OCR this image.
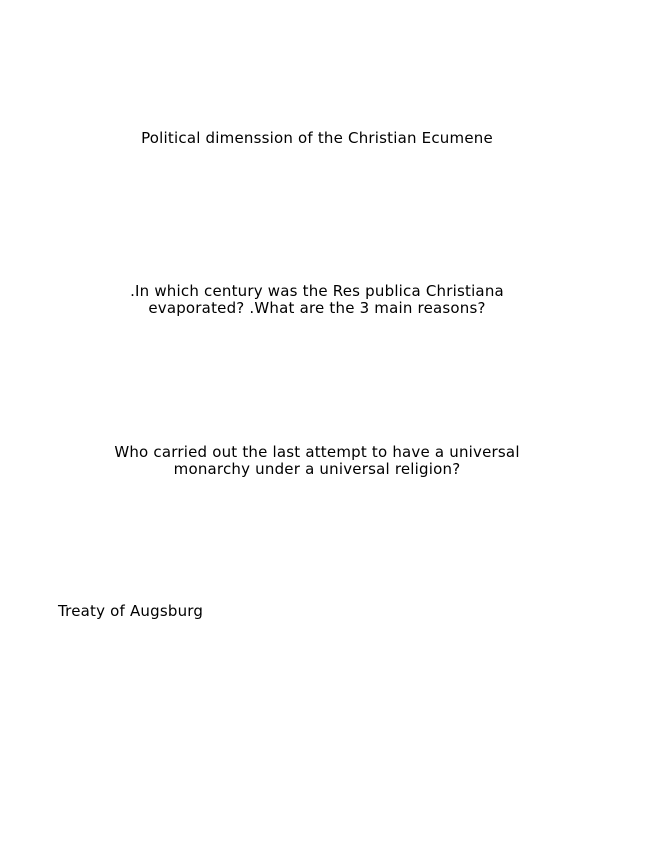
Political dimenssion of the Christian Ecumene
.In which century was the Res publica Christiana
evaporated? .What are the 3 main reasons?
Who carried out the last attempt to have a universal
monarchy under a universal religion?
Treaty of Augsburg
